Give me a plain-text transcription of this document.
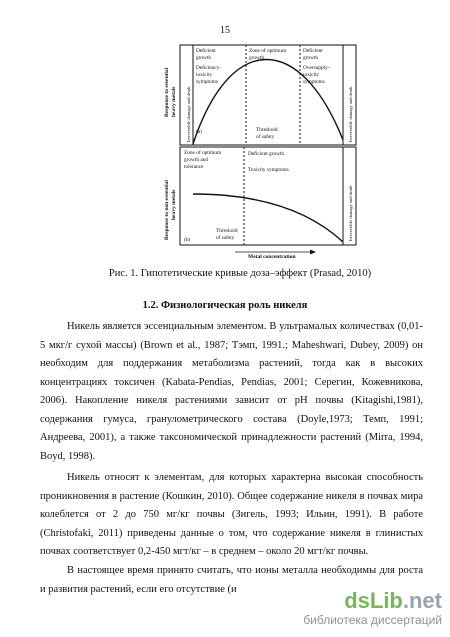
15
Response to essential heavy metals
Response to non-essential heavy metals
Metal concentration
Irreversible damage and death	Irreversible damage and death
Deficient
growth
Deficiency-
toxicity
symptoms
Zone of optimum
growth
Deficient
growth
Oversupply-
toxicity
symptoms
(a)	Threshold
of safety
Irreversible damage and death
Zone of optimum
growth and
tolerance
Deficient growth
Toxicity symptoms
(b)
Threshold
of safety
Рис. 1. Гипотетические кривые доза–эффект (Prasad, 2010)
1.2. Физиологическая роль никеля

Никель является эссенциальным элементом. В ультрамалых количествах (0,01-5 мкг/г сухой массы) (Brown et al., 1987; Тэмп, 1991.; Maheshwari, Dubey, 2009) он необходим для поддержания метаболизма растений, тогда как в высоких концентрациях токсичен (Kabata-Pendias, Pendias, 2001; Серегин, Кожевникова, 2006). Накопление никеля растениями зависит от pH почвы (Kitagishi,1981), содержания гумуса, гранулометрического состава (Doyle,1973; Темп, 1991; Андреева, 2001), а также таксономической принадлежности растений (Mirra, 1994, Boyd, 1998).

Никель относят к элементам, для которых характерна высокая способность проникновения в растение (Кошкин, 2010). Общее содержание никеля в почвах мира колеблется от 2 до 750 мг/кг почвы (Зигель, 1993; Ильин, 1991). В работе (Christofaki, 2011) приведены данные о том, что содержание никеля в глинистых почвах соответствует 0,2-450 мгт/кг – в среднем – около 20 мгт/кг почвы.

В настоящее время принято считать, что ионы металла необходимы для роста и развития растений, если его отсутствие (и	dsLib.net
библиотека диссертаций
